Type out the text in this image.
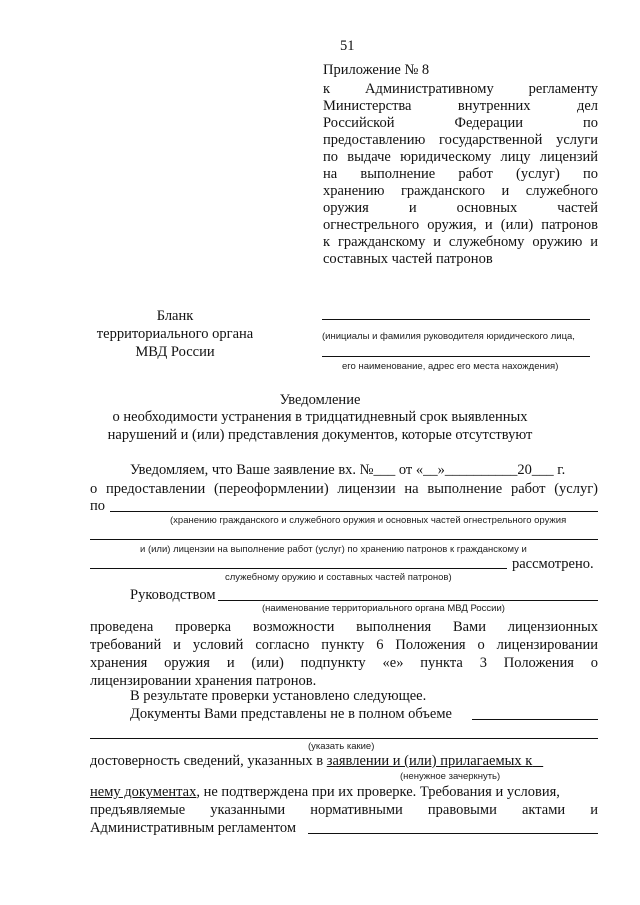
51
Приложение № 8
к Административному регламенту
Министерства внутренних дел
Российской Федерации по
предоставлению государственной услуги
по выдаче юридическому лицу лицензий
на выполнение работ (услуг) по
хранению гражданского и служебного
оружия и основных частей
огнестрельного оружия, и (или) патронов
к гражданскому и служебному оружию и
составных частей патронов
Бланк
территориального органа
МВД России
(инициалы и фамилия руководителя юридического лица,
его наименование, адрес его места нахождения)
Уведомление
о необходимости устранения в тридцатидневный срок выявленных
нарушений и (или) представления документов, которые отсутствуют
Уведомляем, что Ваше заявление вх. №___ от «__»__________20___ г.
о предоставлении (переоформлении) лицензии на выполнение работ (услуг)
по
(хранению гражданского и служебного оружия и основных частей огнестрельного оружия
и (или) лицензии на выполнение работ (услуг) по хранению патронов к гражданскому и
рассмотрено.
служебному оружию и составных частей патронов)
Руководством
(наименование территориального органа МВД России)
проведена проверка возможности выполнения Вами лицензионных
требований и условий согласно пункту 6 Положения о лицензировании
хранения оружия и (или) подпункту «е» пункта 3 Положения о
лицензировании хранения патронов.
В результате проверки установлено следующее.
Документы Вами представлены не в полном объеме
(указать какие)
достоверность сведений, указанных в заявлении и (или) прилагаемых к
(ненужное зачеркнуть)
нему документах, не подтверждена при их проверке. Требования и условия,
предъявляемые указанными нормативными правовыми актами и
Административным регламентом
